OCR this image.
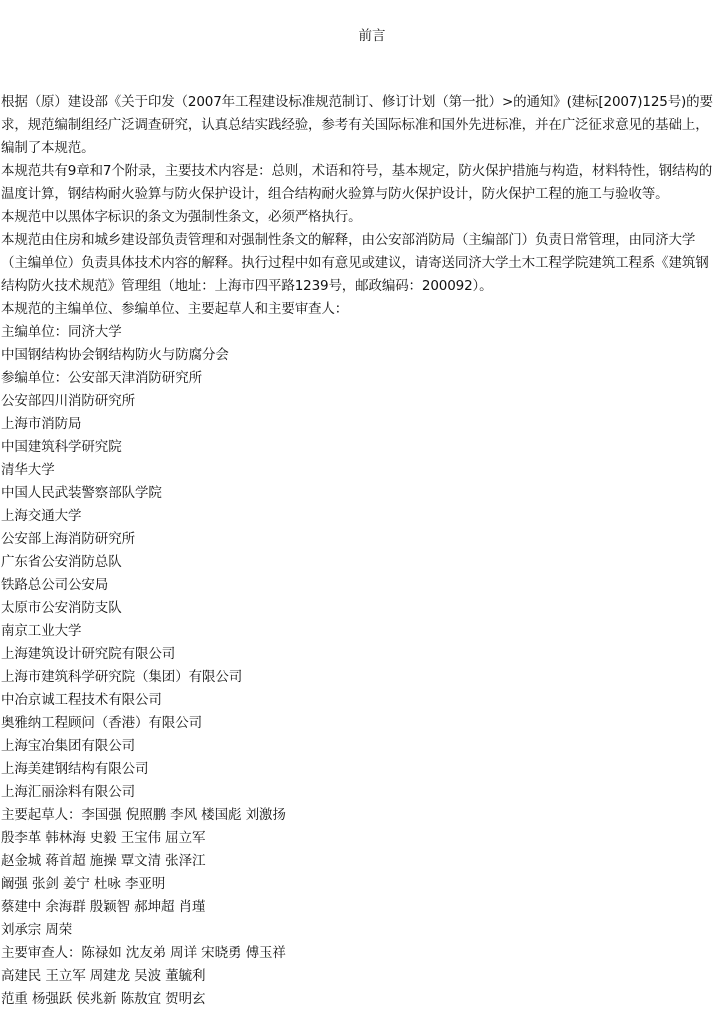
前言

根据（原）建设部《关于印发（2007年工程建设标准规范制订、修订计划（第一批）>的通知》(建标[2007)125号)的要求，规范编制组经广泛调查研究，认真总结实践经验，参考有关国际标准和国外先进标准，并在广泛征求意见的基础上，编制了本规范。

本规范共有9章和7个附录，主要技术内容是：总则，术语和符号，基本规定，防火保护措施与构造，材料特性，钢结构的温度计算，钢结构耐火验算与防火保护设计，组合结构耐火验算与防火保护设计，防火保护工程的施工与验收等。

本规范中以黑体字标识的条文为强制性条文，必须严格执行。

本规范由住房和城乡建设部负责管理和对强制性条文的解释，由公安部消防局（主编部门）负责日常管理，由同济大学（主编单位）负责具体技术内容的解释。执行过程中如有意见或建议，请寄送同济大学土木工程学院建筑工程系《建筑钢结构防火技术规范》管理组（地址：上海市四平路1239号，邮政编码：200092）。

本规范的主编单位、参编单位、主要起草人和主要审查人：

主编单位：同济大学
中国钢结构协会钢结构防火与防腐分会
参编单位：公安部天津消防研究所
公安部四川消防研究所
上海市消防局
中国建筑科学研究院
清华大学
中国人民武装警察部队学院
上海交通大学
公安部上海消防研究所
广东省公安消防总队
铁路总公司公安局
太原市公安消防支队
南京工业大学
上海建筑设计研究院有限公司
上海市建筑科学研究院（集团）有限公司
中冶京诚工程技术有限公司
奥雅纳工程顾问（香港）有限公司
上海宝冶集团有限公司
上海美建钢结构有限公司
上海汇丽涂料有限公司
主要起草人：李国强 倪照鹏 李风 楼国彪 刘激扬
殷李革 韩林海 史毅 王宝伟 屈立军
赵金城 蒋首超 施操 覃文清 张泽江
阚强 张剑 姜宁 杜咏 李亚明
蔡建中 余海群 殷颖智 郝坤超 肖瑾
刘承宗 周荣
主要审查人：陈禄如 沈友弟 周详 宋晓勇 傅玉祥
高建民 王立军 周建龙 吴波 董毓利
范重 杨强跃 侯兆新 陈敖宜 贺明玄
